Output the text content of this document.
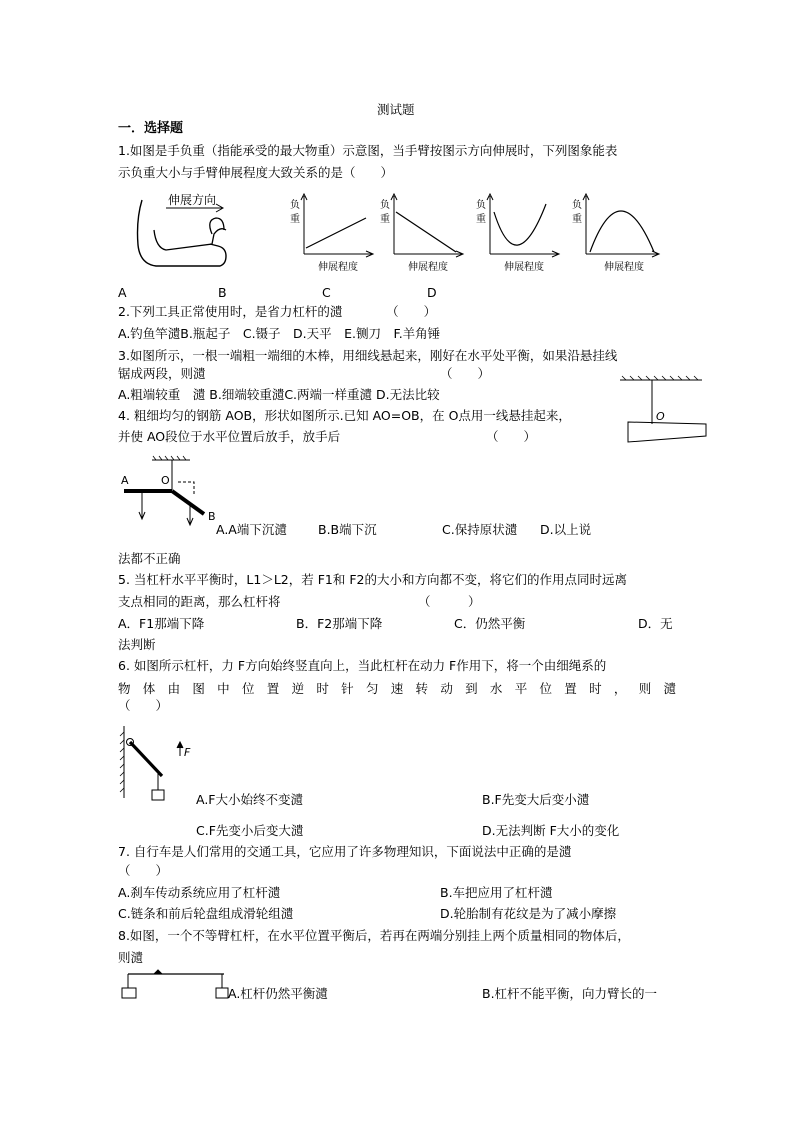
测试题
一．选择题
1.如图是手负重（指能承受的最大物重）示意图，当手臂按图示方向伸展时，下列图象能表
示负重大小与手臂伸展程度大致关系的是（　　）
伸展方向	负
重
伸展程度
负
重
伸展程度
负
重
伸展程度
负
重
伸展程度
A	B	C	D
2.下列工具正常使用时，是省力杠杆的瀢　　　　（　　）
A.钓鱼竿瀢B.瓶起子　C.镊子　D.天平　E.铡刀　F.羊角锤
3.如图所示，一根一端粗一端细的木棒，用细线悬起来，刚好在水平处平衡，如果沿悬挂线
锯成两段，则瀢	（　　）
A.粗端较重　瀢 B.细端较重瀢C.两端一样重瀢 D.无法比较
O
4. 粗细均匀的钢筋 AOB，形状如图所示.已知 AO=OB，在 O点用一线悬挂起来，
并使 AO段位于水平位置后放手，放手后	（　　）
A	O
B
A.A端下沉瀢 B.B端下沉	C.保持原状瀢 D.以上说
法都不正确
5. 当杠杆水平平衡时，L1＞L2，若 F1和 F2的大小和方向都不变，将它们的作用点同时远离
支点相同的距离，那么杠杆将	（　　　）
A．F1那端下降	B．F2那端下降	C．仍然平衡	D．无
法判断
6. 如图所示杠杆，力 F方向始终竖直向上，当此杠杆在动力 F作用下，将一个由细绳系的
物体由图中位置逆时针匀速转动到水平位置时，则瀢
（　　）
F
A.F大小始终不变瀢	B.F先变大后变小瀢
C.F先变小后变大瀢	D.无法判断 F大小的变化
7. 自行车是人们常用的交通工具，它应用了许多物理知识，下面说法中正确的是瀢
（　　）
A.刹车传动系统应用了杠杆瀢	B.车把应用了杠杆瀢
C.链条和前后轮盘组成滑轮组瀢	D.轮胎制有花纹是为了减小摩擦
8.如图，一个不等臂杠杆，在水平位置平衡后，若再在两端分别挂上两个质量相同的物体后，
则瀢
A.杠杆仍然平衡瀢	B.杠杆不能平衡，向力臂长的一
